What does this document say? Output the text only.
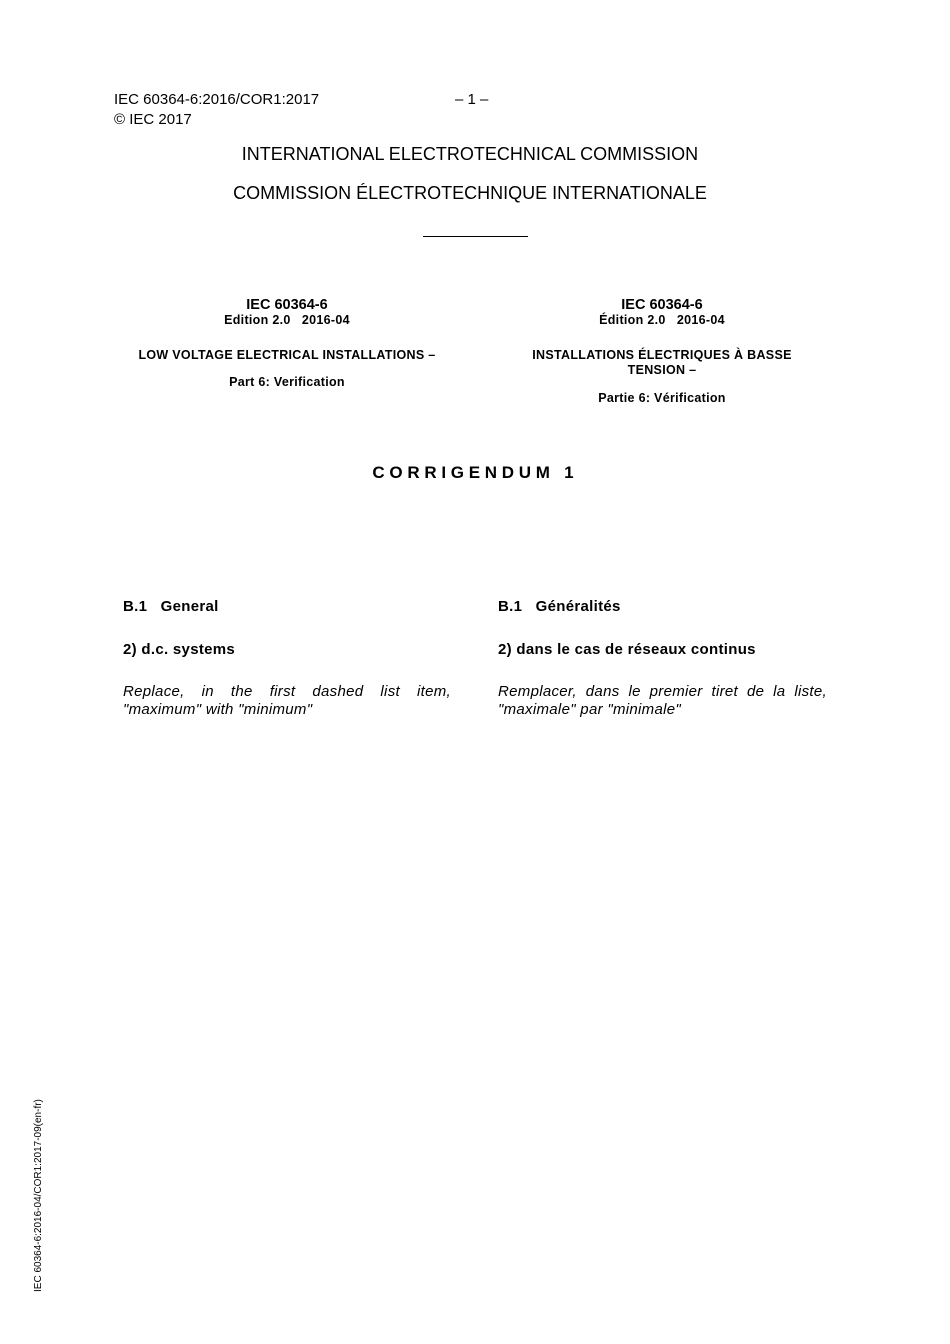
IEC 60364-6:2016/COR1:2017	– 1 –
© IEC 2017
INTERNATIONAL ELECTROTECHNICAL COMMISSION
COMMISSION ÉLECTROTECHNIQUE INTERNATIONALE
IEC 60364-6
Edition 2.0   2016-04
LOW VOLTAGE ELECTRICAL INSTALLATIONS –
Part 6: Verification
IEC 60364-6
Édition 2.0   2016-04
INSTALLATIONS ÉLECTRIQUES À BASSE TENSION –
Partie 6: Vérification
C O R R I G E N D U M   1
B.1   General
2) d.c. systems
Replace, in the first dashed list item, "maximum" with "minimum"
B.1   Généralités
2) dans le cas de réseaux continus
Remplacer, dans le premier tiret de la liste, "maximale" par "minimale"
IEC 60364-6:2016-04/COR1:2017-09(en-fr)
